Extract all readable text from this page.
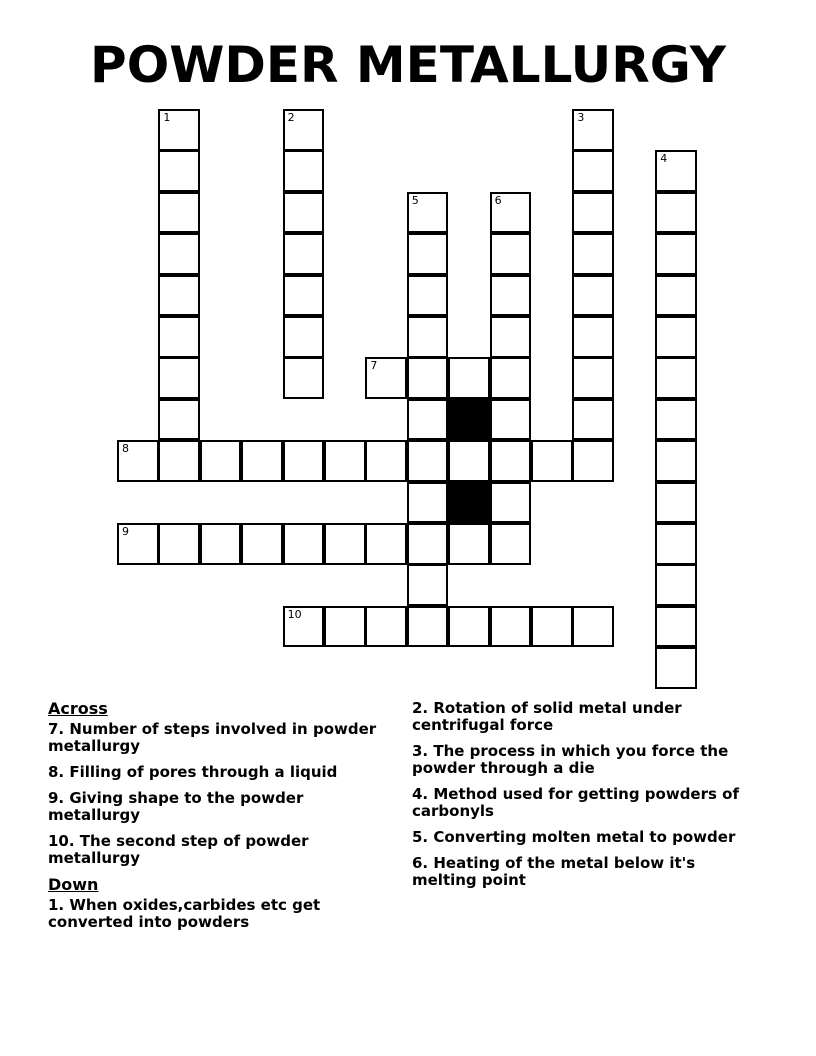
POWDER METALLURGY
1	2	3
4
5	6
7
8
9
10
Across
7. Number of steps involved in powder metallurgy
8. Filling of pores through a liquid
9. Giving shape to the powder metallurgy
10. The second step of powder metallurgy
Down
1. When oxides,carbides etc get converted into powders
2. Rotation of solid metal under centrifugal force
3. The process in which you force the powder through a die
4. Method used for getting powders of carbonyls
5. Converting molten metal to powder
6. Heating of the metal below it's melting point
